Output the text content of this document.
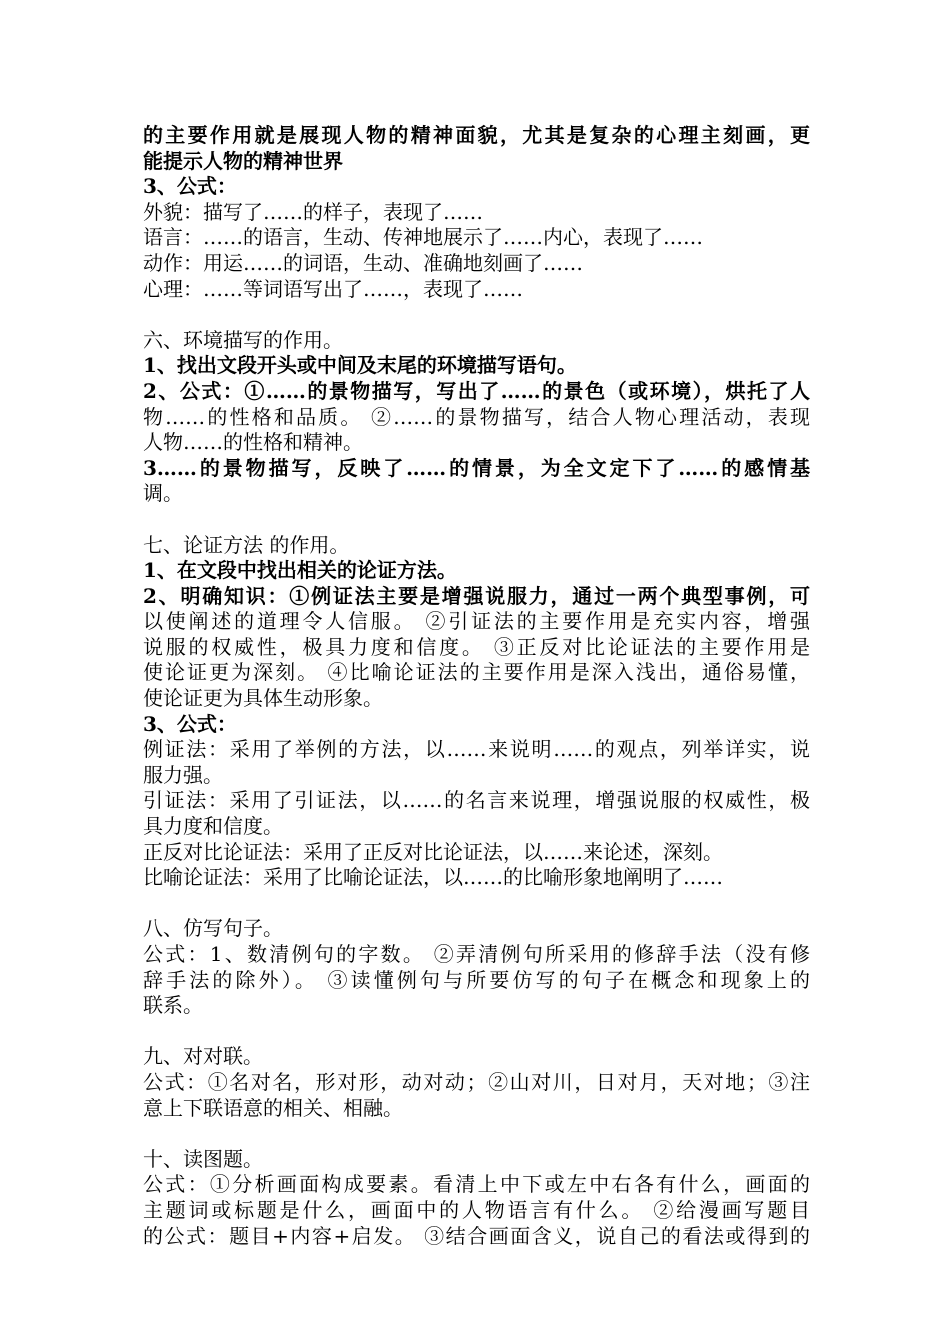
的主要作用就是展现人物的精神面貌，尤其是复杂的心理主刻画，更
能提示人物的精神世界
3、公式：
外貌：描写了……的样子，表现了……
语言：……的语言，生动、传神地展示了……内心，表现了……
动作：用运……的词语，生动、准确地刻画了……
心理：……等词语写出了……，表现了……
六、环境描写的作用。
1、找出文段开头或中间及末尾的环境描写语句。
2、公式：①……的景物描写，写出了……的景色（或环境），烘托了人
物……的性格和品质。 ②……的景物描写，结合人物心理活动，表现
人物……的性格和精神。
3……的景物描写，反映了……的情景，为全文定下了……的感情基
调。
七、论证方法 的作用。
1、在文段中找出相关的论证方法。
2、明确知识：①例证法主要是增强说服力，通过一两个典型事例，可
以使阐述的道理令人信服。 ②引证法的主要作用是充实内容，增强
说服的权威性，极具力度和信度。 ③正反对比论证法的主要作用是
使论证更为深刻。 ④比喻论证法的主要作用是深入浅出，通俗易懂，
使论证更为具体生动形象。
3、公式：
例证法：采用了举例的方法，以……来说明……的观点，列举详实，说
服力强。
引证法：采用了引证法，以……的名言来说理，增强说服的权威性，极
具力度和信度。
正反对比论证法：采用了正反对比论证法，以……来论述，深刻。
比喻论证法：采用了比喻论证法，以……的比喻形象地阐明了……
八、仿写句子。
公式：1、数清例句的字数。 ②弄清例句所采用的修辞手法（没有修
辞手法的除外）。 ③读懂例句与所要仿写的句子在概念和现象上的
联系。
九、对对联。
公式：①名对名，形对形，动对动；②山对川，日对月，天对地；③注
意上下联语意的相关、相融。
十、读图题。
公式：①分析画面构成要素。看清上中下或左中右各有什么，画面的
主题词或标题是什么，画面中的人物语言有什么。 ②给漫画写题目
的公式：题目+内容+启发。 ③结合画面含义，说自己的看法或得到的
